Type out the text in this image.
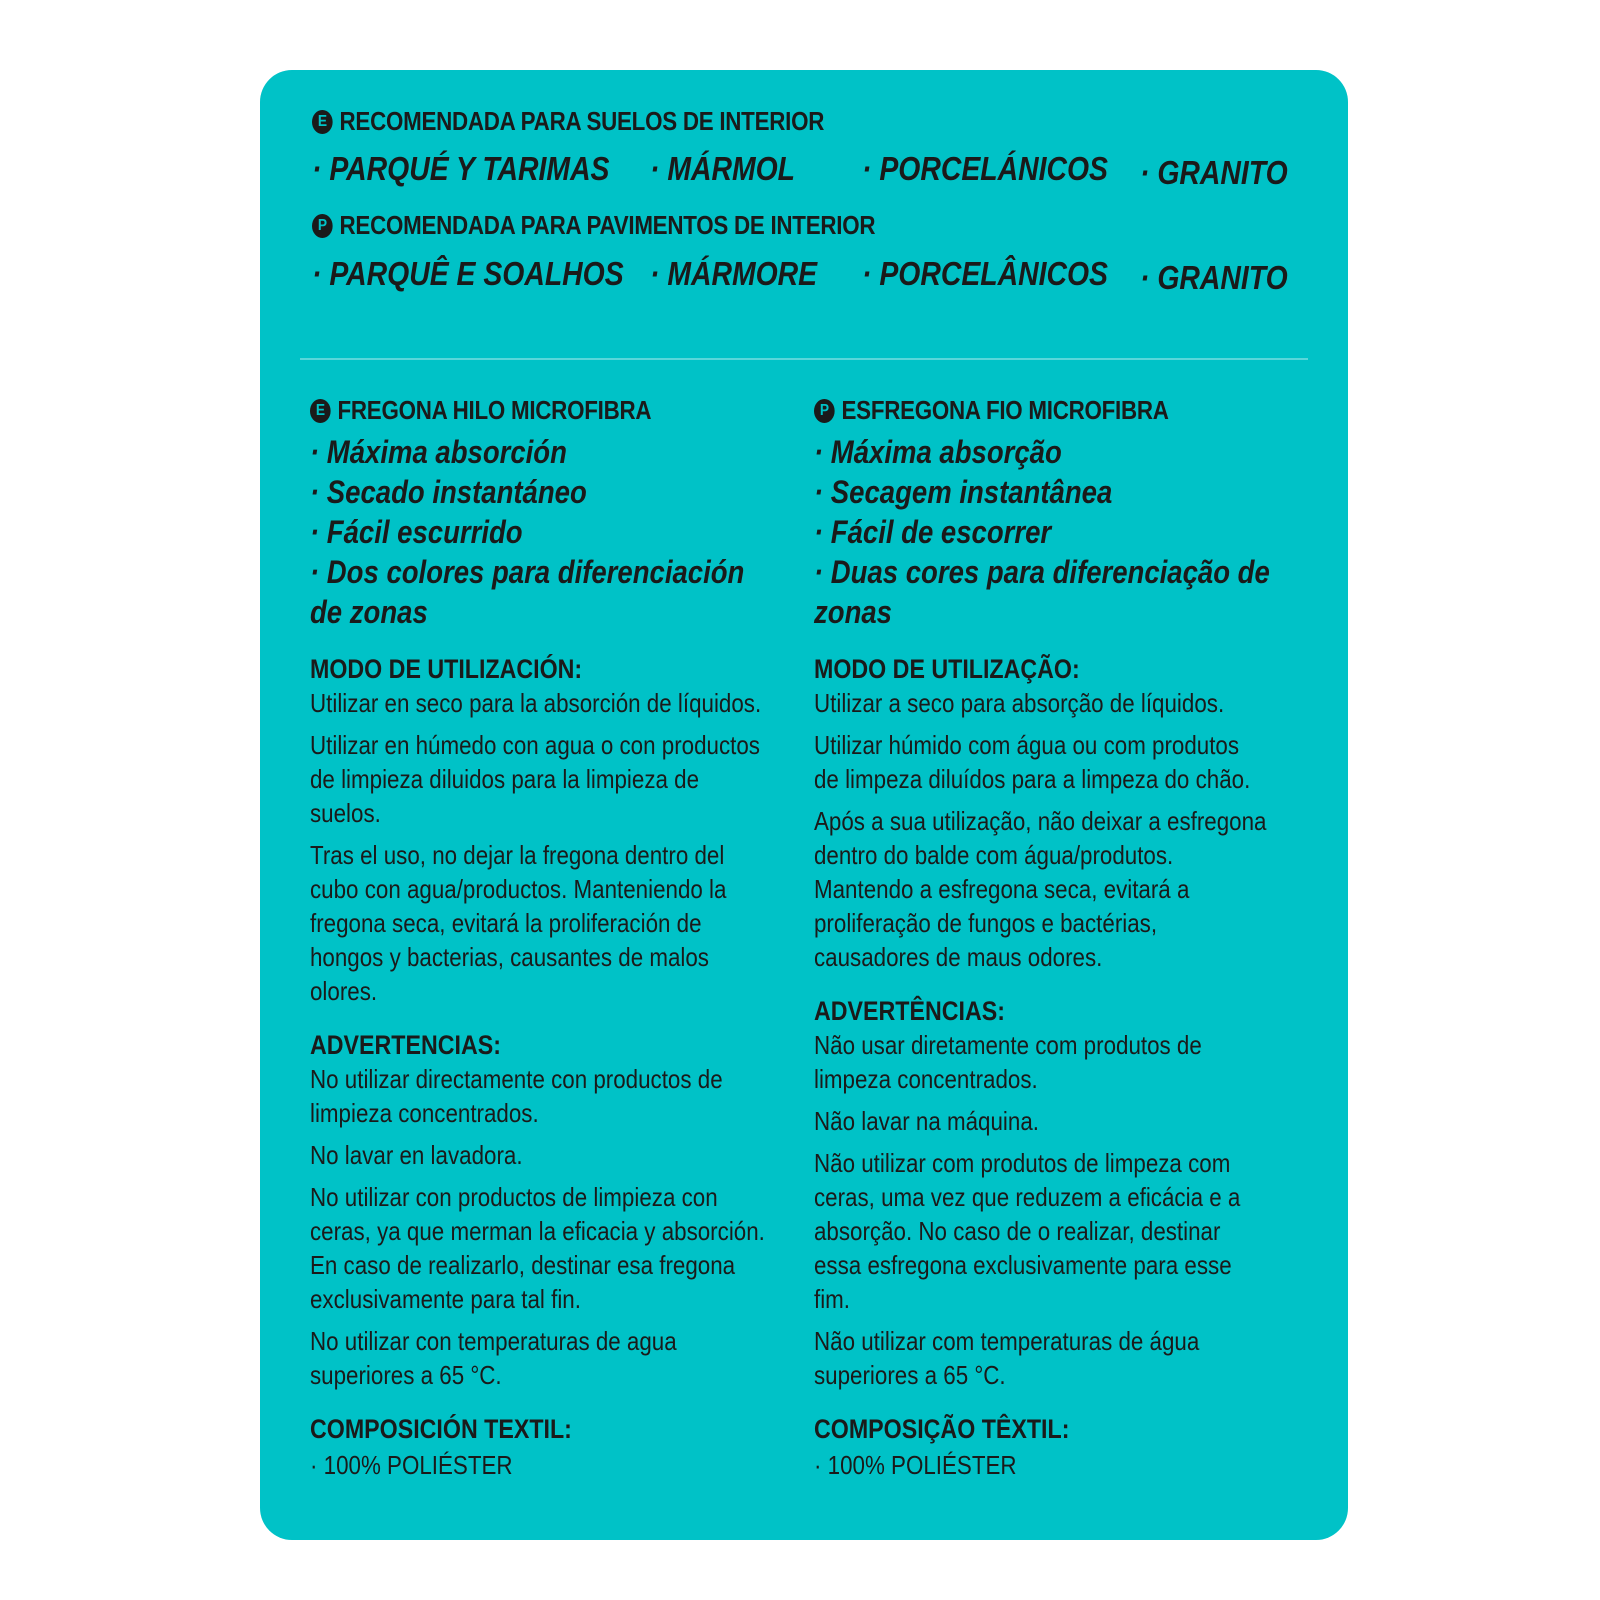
E RECOMENDADA PARA SUELOS DE INTERIOR
· PARQUÉ Y TARIMAS · MÁRMOL · PORCELÁNICOS · GRANITO
P RECOMENDADA PARA PAVIMENTOS DE INTERIOR
· PARQUÊ E SOALHOS · MÁRMORE · PORCELÂNICOS · GRANITO
E FREGONA HILO MICROFIBRA
· Máxima absorción
· Secado instantáneo
· Fácil escurrido
· Dos colores para diferenciación de zonas
MODO DE UTILIZACIÓN:
Utilizar en seco para la absorción de líquidos.
Utilizar en húmedo con agua o con productos de limpieza diluidos para la limpieza de suelos.
Tras el uso, no dejar la fregona dentro del cubo con agua/productos. Manteniendo la fregona seca, evitará la proliferación de hongos y bacterias, causantes de malos olores.
ADVERTENCIAS:
No utilizar directamente con productos de limpieza concentrados.
No lavar en lavadora.
No utilizar con productos de limpieza con ceras, ya que merman la eficacia y absorción. En caso de realizarlo, destinar esa fregona exclusivamente para tal fin.
No utilizar con temperaturas de agua superiores a 65 °C.
COMPOSICIÓN TEXTIL:
· 100% POLIÉSTER
P ESFREGONA FIO MICROFIBRA
· Máxima absorção
· Secagem instantânea
· Fácil de escorrer
· Duas cores para diferenciação de zonas
MODO DE UTILIZAÇÃO:
Utilizar a seco para absorção de líquidos.
Utilizar húmido com água ou com produtos de limpeza diluídos para a limpeza do chão.
Após a sua utilização, não deixar a esfregona dentro do balde com água/produtos. Mantendo a esfregona seca, evitará a proliferação de fungos e bactérias, causadores de maus odores.
ADVERTÊNCIAS:
Não usar diretamente com produtos de limpeza concentrados.
Não lavar na máquina.
Não utilizar com produtos de limpeza com ceras, uma vez que reduzem a eficácia e a absorção. No caso de o realizar, destinar essa esfregona exclusivamente para esse fim.
Não utilizar com temperaturas de água superiores a 65 °C.
COMPOSIÇÃO TÊXTIL:
· 100% POLIÉSTER
